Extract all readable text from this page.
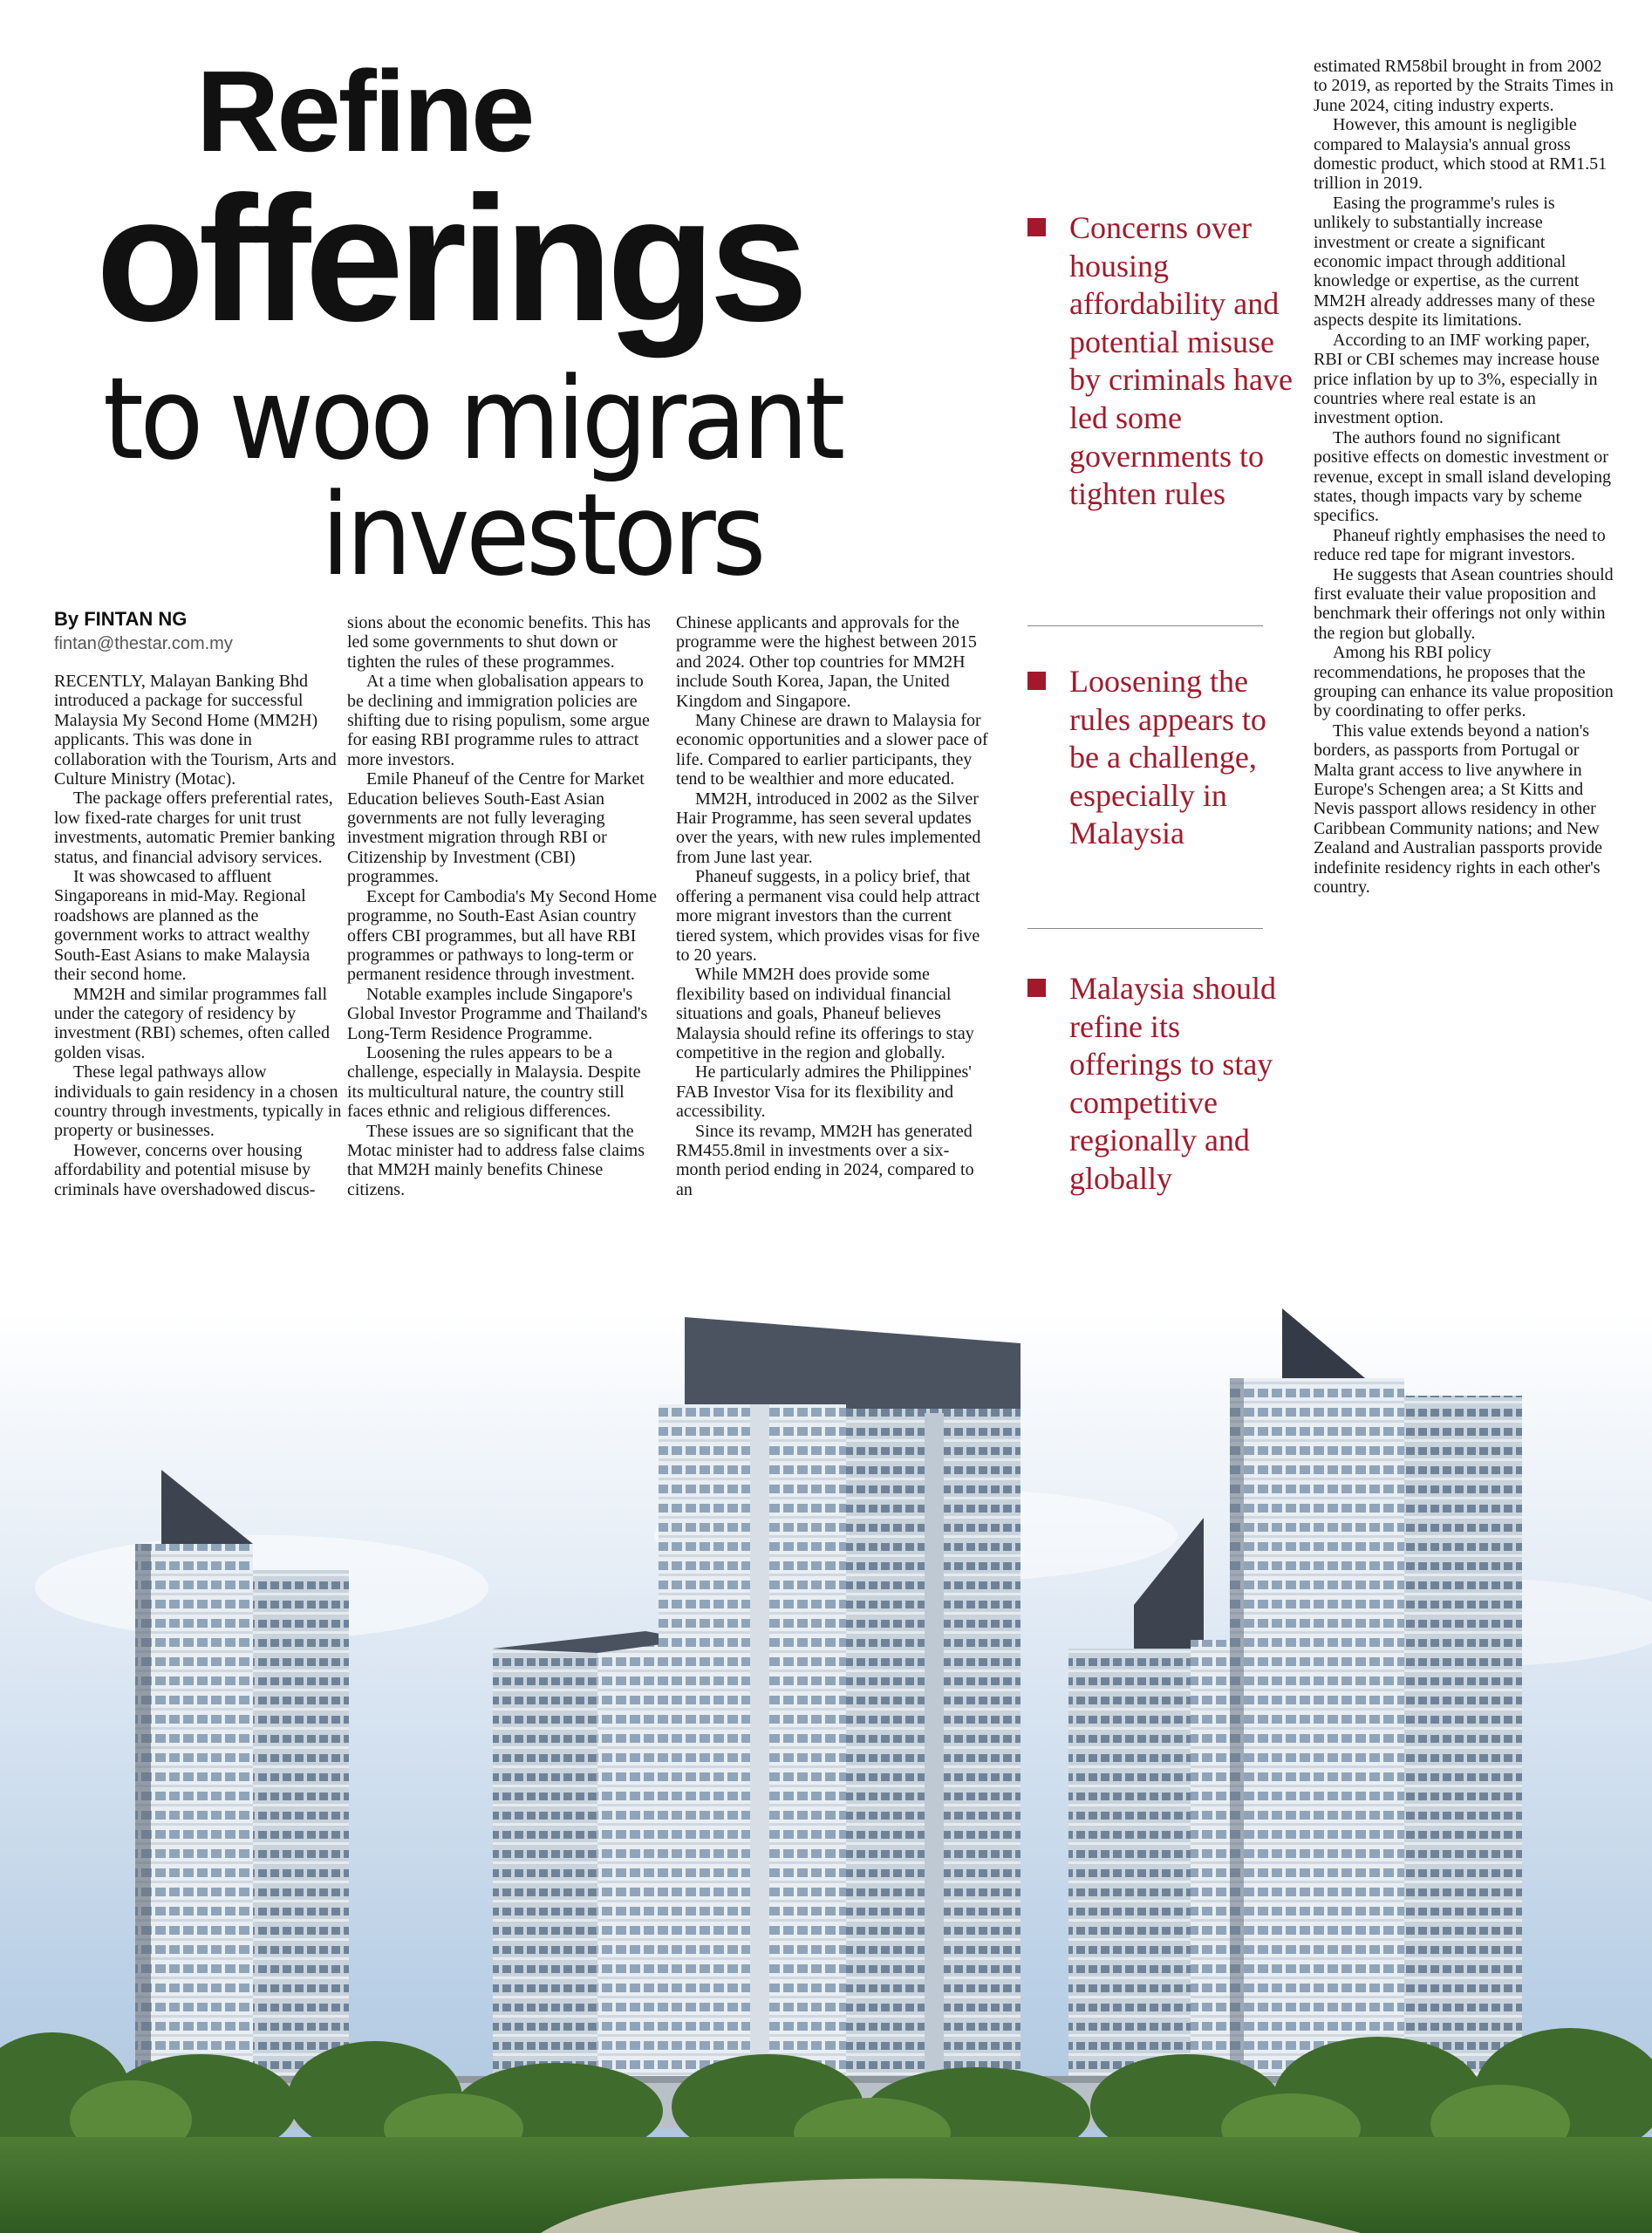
Refine
offerings
to woo migrant
investors
By FINTAN NG
fintan@thestar.com.my

RECENTLY, Malayan Banking Bhd introduced a package for successful Malaysia My Second Home (MM2H) applicants. This was done in collaboration with the Tourism, Arts and Culture Ministry (Motac).

The package offers preferential rates, low fixed-rate charges for unit trust investments, automatic Premier banking status, and financial advisory services.

It was showcased to affluent Singaporeans in mid-May. Regional roadshows are planned as the government works to attract wealthy South-East Asians to make Malaysia their second home.

MM2H and similar programmes fall under the category of residency by investment (RBI) schemes, often called golden visas.

These legal pathways allow individuals to gain residency in a chosen country through investments, typically in property or businesses.

However, concerns over housing affordability and potential misuse by criminals have overshadowed discus-

sions about the economic benefits. This has led some governments to shut down or tighten the rules of these programmes.

At a time when globalisation appears to be declining and immigration policies are shifting due to rising populism, some argue for easing RBI programme rules to attract more investors.

Emile Phaneuf of the Centre for Market Education believes South-East Asian governments are not fully leveraging investment migration through RBI or Citizenship by Investment (CBI) programmes.

Except for Cambodia's My Second Home programme, no South-East Asian country offers CBI programmes, but all have RBI programmes or pathways to long-term or permanent residence through investment.

Notable examples include Singapore's Global Investor Programme and Thailand's Long-Term Residence Programme.

Loosening the rules appears to be a challenge, especially in Malaysia. Despite its multicultural nature, the country still faces ethnic and religious differences.

These issues are so significant that the Motac minister had to address false claims that MM2H mainly benefits Chinese citizens.

Chinese applicants and approvals for the programme were the highest between 2015 and 2024. Other top countries for MM2H include South Korea, Japan, the United Kingdom and Singapore.

Many Chinese are drawn to Malaysia for economic opportunities and a slower pace of life. Compared to earlier participants, they tend to be wealthier and more educated.

MM2H, introduced in 2002 as the Silver Hair Programme, has seen several updates over the years, with new rules implemented from June last year.

Phaneuf suggests, in a policy brief, that offering a permanent visa could help attract more migrant investors than the current tiered system, which provides visas for five to 20 years.

While MM2H does provide some flexibility based on individual financial situations and goals, Phaneuf believes Malaysia should refine its offerings to stay competitive in the region and globally.

He particularly admires the Philippines' FAB Investor Visa for its flexibility and accessibility.

Since its revamp, MM2H has generated RM455.8mil in investments over a six-month period ending in 2024, compared to an

Concerns over housing affordability and potential misuse by criminals have led some governments to tighten rules
Loosening the rules appears to be a challenge, especially in Malaysia
Malaysia should refine its offerings to stay competitive regionally and globally

estimated RM58bil brought in from 2002 to 2019, as reported by the Straits Times in June 2024, citing industry experts.

However, this amount is negligible compared to Malaysia's annual gross domestic product, which stood at RM1.51 trillion in 2019.

Easing the programme's rules is unlikely to substantially increase investment or create a significant economic impact through additional knowledge or expertise, as the current MM2H already addresses many of these aspects despite its limitations.

According to an IMF working paper, RBI or CBI schemes may increase house price inflation by up to 3%, especially in countries where real estate is an investment option.

The authors found no significant positive effects on domestic investment or revenue, except in small island developing states, though impacts vary by scheme specifics.

Phaneuf rightly emphasises the need to reduce red tape for migrant investors.

He suggests that Asean countries should first evaluate their value proposition and benchmark their offerings not only within the region but globally.

Among his RBI policy recommendations, he proposes that the grouping can enhance its value proposition by coordinating to offer perks.

This value extends beyond a nation's borders, as passports from Portugal or Malta grant access to live anywhere in Europe's Schengen area; a St Kitts and Nevis passport allows residency in other Caribbean Community nations; and New Zealand and Australian passports provide indefinite residency rights in each other's country.
